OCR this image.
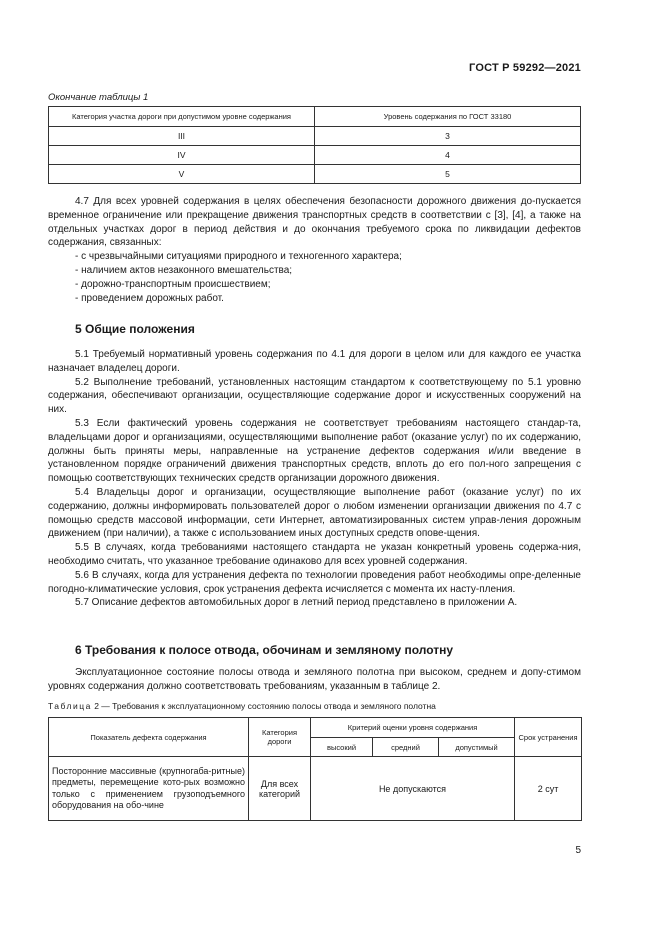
ГОСТ Р 59292—2021
Окончание таблицы 1
Категория участка дороги при допустимом уровне содержания	Уровень содержания по ГОСТ 33180
III	3
IV	4
V	5

4.7 Для всех уровней содержания в целях обеспечения безопасности дорожного движения до-пускается временное ограничение или прекращение движения транспортных средств в соответствии с [3], [4], а также на отдельных участках дорог в период действия и до окончания требуемого срока по ликвидации дефектов содержания, связанных:

- с чрезвычайными ситуациями природного и техногенного характера;

- наличием актов незаконного вмешательства;

- дорожно-транспортным происшествием;

- проведением дорожных работ.

5 Общие положения

5.1 Требуемый нормативный уровень содержания по 4.1 для дороги в целом или для каждого ее участка назначает владелец дороги.

5.2 Выполнение требований, установленных настоящим стандартом к соответствующему по 5.1 уровню содержания, обеспечивают организации, осуществляющие содержание дорог и искусственных сооружений на них.

5.3 Если фактический уровень содержания не соответствует требованиям настоящего стандар-та, владельцами дорог и организациями, осуществляющими выполнение работ (оказание услуг) по их содержанию, должны быть приняты меры, направленные на устранение дефектов содержания и/или введение в установленном порядке ограничений движения транспортных средств, вплоть до его пол-ного запрещения с помощью соответствующих технических средств организации дорожного движения.

5.4 Владельцы дорог и организации, осуществляющие выполнение работ (оказание услуг) по их содержанию, должны информировать пользователей дорог о любом изменении организации движения по 4.7 с помощью средств массовой информации, сети Интернет, автоматизированных систем управ-ления дорожным движением (при наличии), а также с использованием иных доступных средств опове-щения.

5.5 В случаях, когда требованиями настоящего стандарта не указан конкретный уровень содержа-ния, необходимо считать, что указанное требование одинаково для всех уровней содержания.

5.6 В случаях, когда для устранения дефекта по технологии проведения работ необходимы опре-деленные погодно-климатические условия, срок устранения дефекта исчисляется с момента их насту-пления.

5.7 Описание дефектов автомобильных дорог в летний период представлено в приложении А.

6 Требования к полосе отвода, обочинам и земляному полотну

Эксплуатационное состояние полосы отвода и земляного полотна при высоком, среднем и допу-стимом уровнях содержания должно соответствовать требованиям, указанным в таблице 2.

Таблица 2 — Требования к эксплуатационному состоянию полосы отвода и земляного полотна
Показатель дефекта содержания	Категория дороги	Критерий оценки уровня содержания			Срок устранения
		высокий	средний	допустимый	
Посторонние массивные (крупногаба-ритные) предметы, перемещение кото-рых возможно только с применением грузоподъемного оборудования на обо-чине	Для всех категорий	Не допускаются			2 сут
5
